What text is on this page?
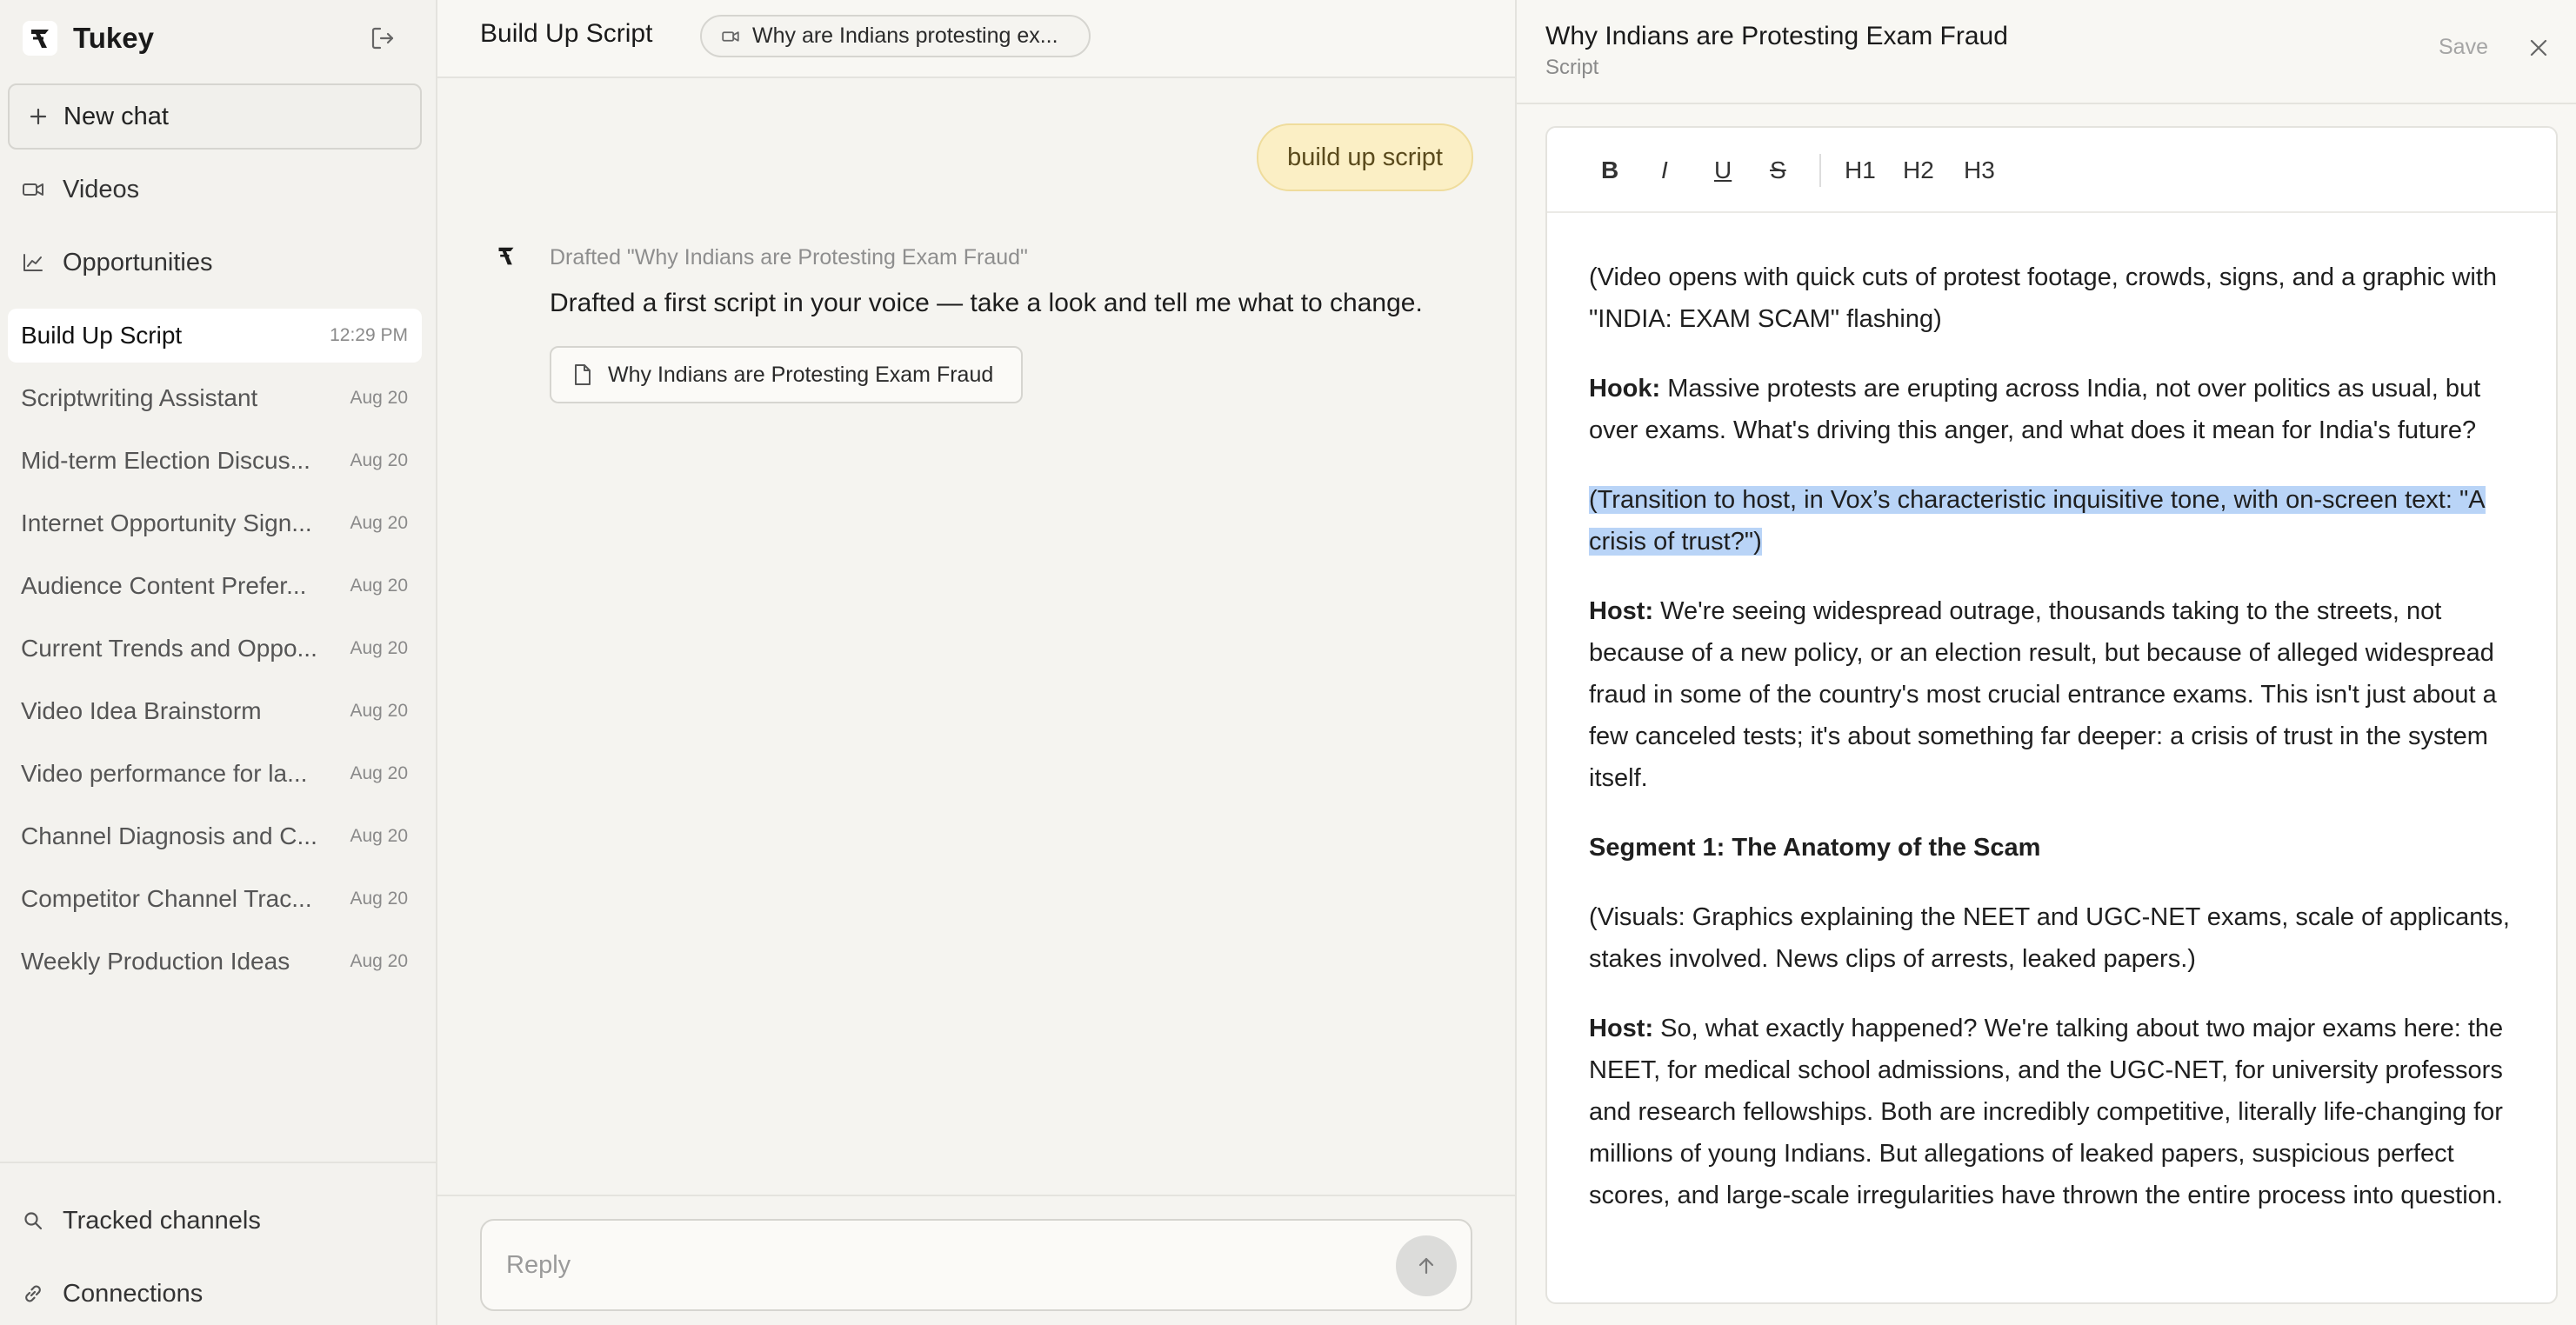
Tukey
New chat
Videos
Opportunities
Build Up Script	12:29 PM
Scriptwriting Assistant	Aug 20
Mid-term Election Discus... Aug 20
Internet Opportunity Sign... Aug 20
Audience Content Prefer... Aug 20
Current Trends and Oppo... Aug 20
Video Idea Brainstorm	Aug 20
Video performance for la... Aug 20
Channel Diagnosis and C... Aug 20
Competitor Channel Trac... Aug 20
Weekly Production Ideas	Aug 20
Tracked channels
Connections
Build Up Script	Why are Indians protesting ex...
build up script
Drafted "Why Indians are Protesting Exam Fraud"
Drafted a first script in your voice — take a look and tell me what to change.
Why Indians are Protesting Exam Fraud
Reply
Why Indians are Protesting Exam Fraud
Script
Save
B I U S H1 H2 H3

(Video opens with quick cuts of protest footage, crowds, signs, and a graphic with "INDIA: EXAM SCAM" flashing)

Hook: Massive protests are erupting across India, not over politics as usual, but over exams. What's driving this anger, and what does it mean for India's future?

(Transition to host, in Vox’s characteristic inquisitive tone, with on-screen text: "A crisis of trust?")

Host: We're seeing widespread outrage, thousands taking to the streets, not because of a new policy, or an election result, but because of alleged widespread fraud in some of the country's most crucial entrance exams. This isn't just about a few canceled tests; it's about something far deeper: a crisis of trust in the system itself.

Segment 1: The Anatomy of the Scam

(Visuals: Graphics explaining the NEET and UGC-NET exams, scale of applicants, stakes involved. News clips of arrests, leaked papers.)

Host: So, what exactly happened? We're talking about two major exams here: the NEET, for medical school admissions, and the UGC-NET, for university professors and research fellowships. Both are incredibly competitive, literally life-changing for millions of young Indians. But allegations of leaked papers, suspicious perfect scores, and large-scale irregularities have thrown the entire process into question.
